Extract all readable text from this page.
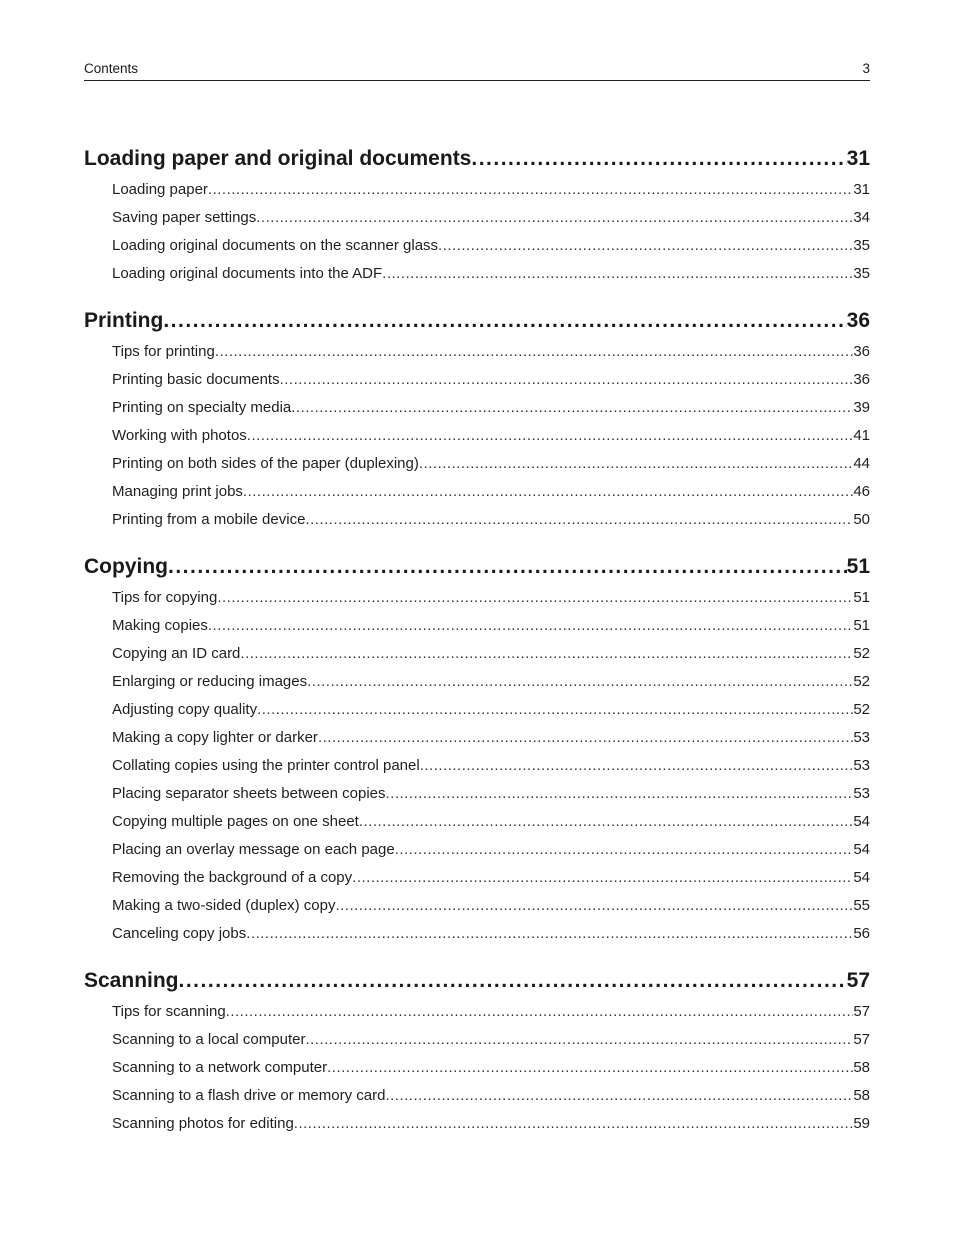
Contents	3
Loading paper and original documents .....	31
Loading paper .....	31
Saving paper settings .....	34
Loading original documents on the scanner glass .....	35
Loading original documents into the ADF .....	35
Printing .....	36
Tips for printing .....	36
Printing basic documents .....	36
Printing on specialty media .....	39
Working with photos .....	41
Printing on both sides of the paper (duplexing) .....	44
Managing print jobs .....	46
Printing from a mobile device .....	50
Copying .....	51
Tips for copying .....	51
Making copies .....	51
Copying an ID card .....	52
Enlarging or reducing images .....	52
Adjusting copy quality .....	52
Making a copy lighter or darker .....	53
Collating copies using the printer control panel .....	53
Placing separator sheets between copies .....	53
Copying multiple pages on one sheet .....	54
Placing an overlay message on each page .....	54
Removing the background of a copy .....	54
Making a two-sided (duplex) copy .....	55
Canceling copy jobs .....	56
Scanning .....	57
Tips for scanning .....	57
Scanning to a local computer .....	57
Scanning to a network computer .....	58
Scanning to a flash drive or memory card .....	58
Scanning photos for editing .....	59
